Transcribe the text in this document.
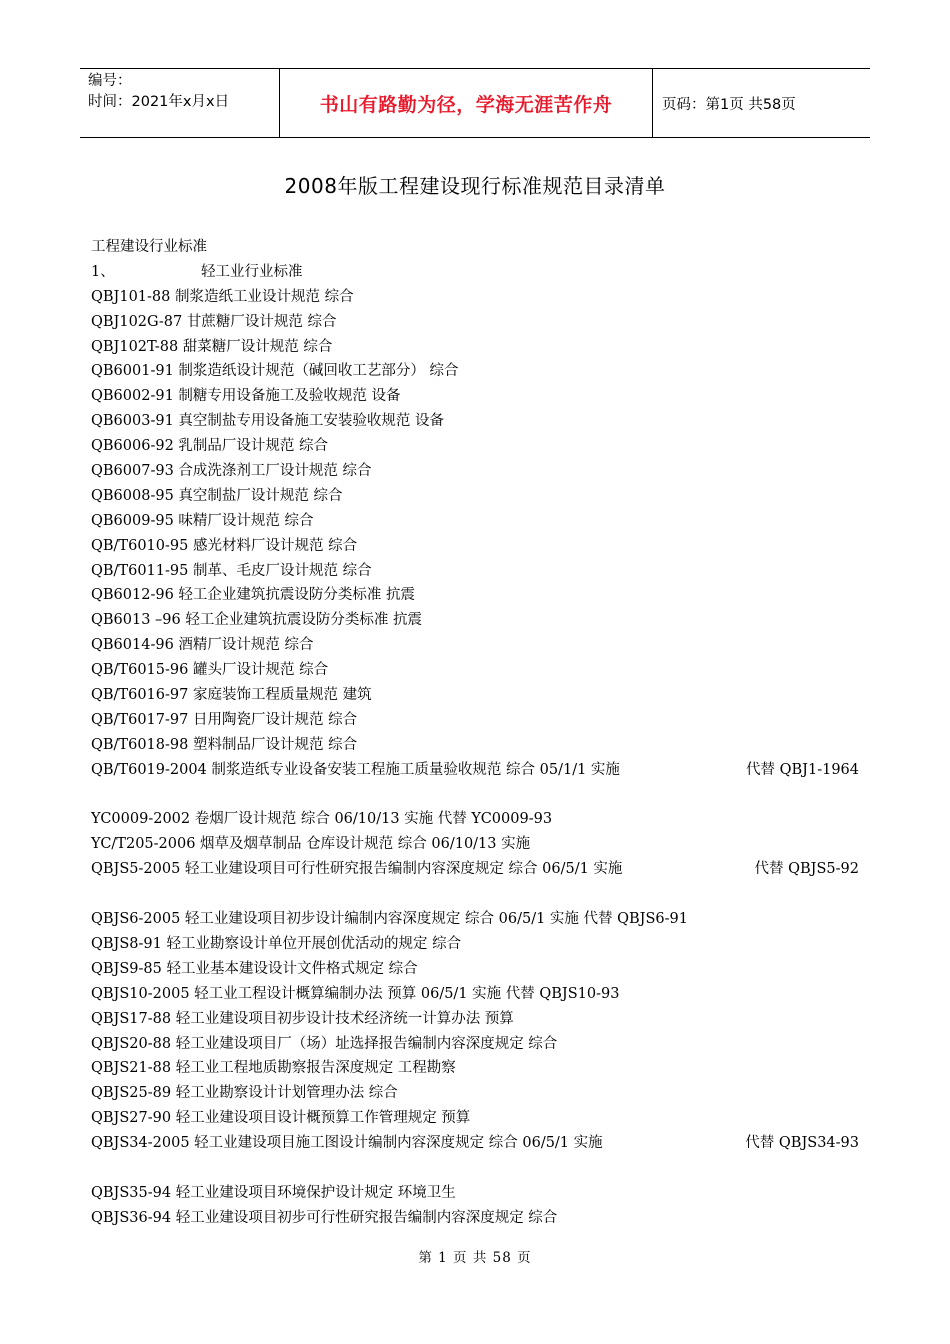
编号：
时间：2021年x月x日	书山有路勤为径，学海无涯苦作舟	页码：第1页 共58页
2008年版工程建设现行标准规范目录清单
工程建设行业标准
1、	轻工业行业标准
QBJ101-88 制浆造纸工业设计规范 综合
QBJ102G-87 甘蔗糖厂设计规范 综合
QBJ102T-88 甜菜糖厂设计规范 综合
QB6001-91 制浆造纸设计规范（碱回收工艺部分） 综合
QB6002-91 制糖专用设备施工及验收规范 设备
QB6003-91 真空制盐专用设备施工安装验收规范 设备
QB6006-92 乳制品厂设计规范 综合
QB6007-93 合成洗涤剂工厂设计规范 综合
QB6008-95 真空制盐厂设计规范 综合
QB6009-95 味精厂设计规范 综合
QB/T6010-95 感光材料厂设计规范 综合
QB/T6011-95 制革、毛皮厂设计规范 综合
QB6012-96 轻工企业建筑抗震设防分类标准 抗震
QB6013 –96 轻工企业建筑抗震设防分类标准 抗震
QB6014-96 酒精厂设计规范 综合
QB/T6015-96 罐头厂设计规范 综合
QB/T6016-97 家庭装饰工程质量规范 建筑
QB/T6017-97 日用陶瓷厂设计规范 综合
QB/T6018-98 塑料制品厂设计规范 综合
QB/T6019-2004 制浆造纸专业设备安装工程施工质量验收规范 综合 05/1/1 实施	代替 QBJ1-1964
YC0009-2002 卷烟厂设计规范 综合 06/10/13 实施 代替 YC0009-93
YC/T205-2006 烟草及烟草制品 仓库设计规范 综合 06/10/13 实施
QBJS5-2005 轻工业建设项目可行性研究报告编制内容深度规定 综合 06/5/1 实施	代替 QBJS5-92
QBJS6-2005 轻工业建设项目初步设计编制内容深度规定 综合 06/5/1 实施 代替 QBJS6-91
QBJS8-91 轻工业勘察设计单位开展创优活动的规定 综合
QBJS9-85 轻工业基本建设设计文件格式规定 综合
QBJS10-2005 轻工业工程设计概算编制办法 预算 06/5/1 实施 代替 QBJS10-93
QBJS17-88 轻工业建设项目初步设计技术经济统一计算办法 预算
QBJS20-88 轻工业建设项目厂（场）址选择报告编制内容深度规定 综合
QBJS21-88 轻工业工程地质勘察报告深度规定 工程勘察
QBJS25-89 轻工业勘察设计计划管理办法 综合
QBJS27-90 轻工业建设项目设计概预算工作管理规定 预算
QBJS34-2005 轻工业建设项目施工图设计编制内容深度规定 综合 06/5/1 实施	代替 QBJS34-93
QBJS35-94 轻工业建设项目环境保护设计规定 环境卫生
QBJS36-94 轻工业建设项目初步可行性研究报告编制内容深度规定 综合
第 1 页 共 58 页
